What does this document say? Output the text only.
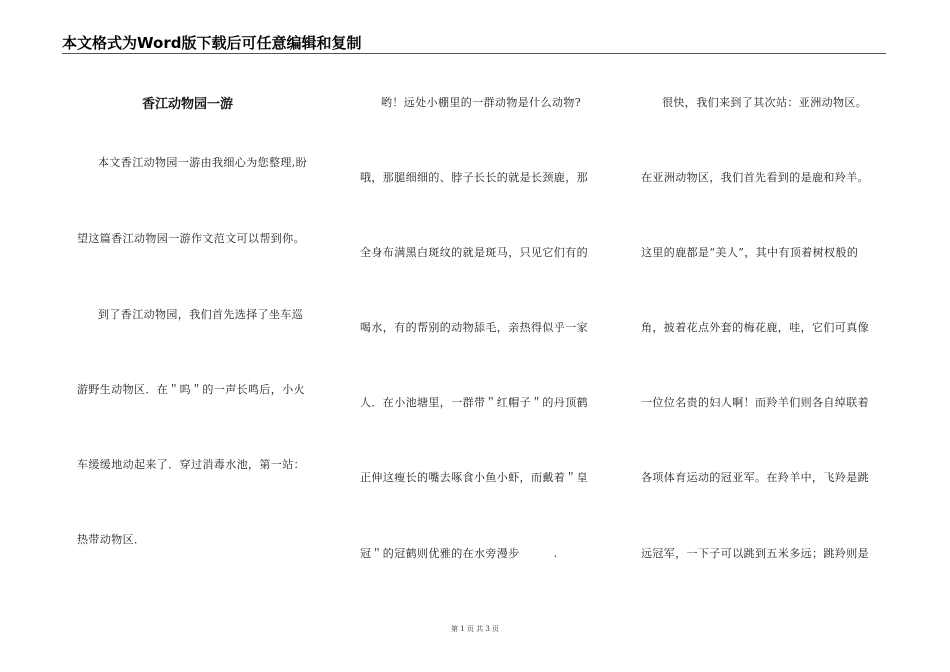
本文格式为Word版下载后可任意编辑和复制
香江动物园一游
本文香江动物园一游由我细心为您整理,盼
望这篇香江动物园一游作文范文可以帮到你。
到了香江动物园，我们首先选择了坐车巡
游野生动物区．在＂呜＂的一声长鸣后，小火
车缓缓地动起来了．穿过消毒水池，第一站：
热带动物区．
哟！远处小棚里的一群动物是什么动物?
哦，那腿细细的、脖子长长的就是长颈鹿，那
全身布满黑白斑纹的就是斑马，只见它们有的
喝水，有的帮别的动物舔毛，亲热得似乎一家
人．在小池塘里，一群带＂红帽子＂的丹顶鹤
正伸这瘦长的嘴去啄食小鱼小虾，而戴着＂皇
冠＂的冠鹤则优雅的在水旁漫步　　　.
很快，我们来到了其次站：亚洲动物区。
在亚洲动物区，我们首先看到的是鹿和羚羊。
这里的鹿都是“美人”，其中有顶着树杈般的
角，披着花点外套的梅花鹿，哇，它们可真像
一位位名贵的妇人啊！而羚羊们则各自绰联着
各项体育运动的冠亚军。在羚羊中，飞羚是跳
远冠军，一下子可以跳到五米多远；跳羚则是
第 1 页 共 3 页
